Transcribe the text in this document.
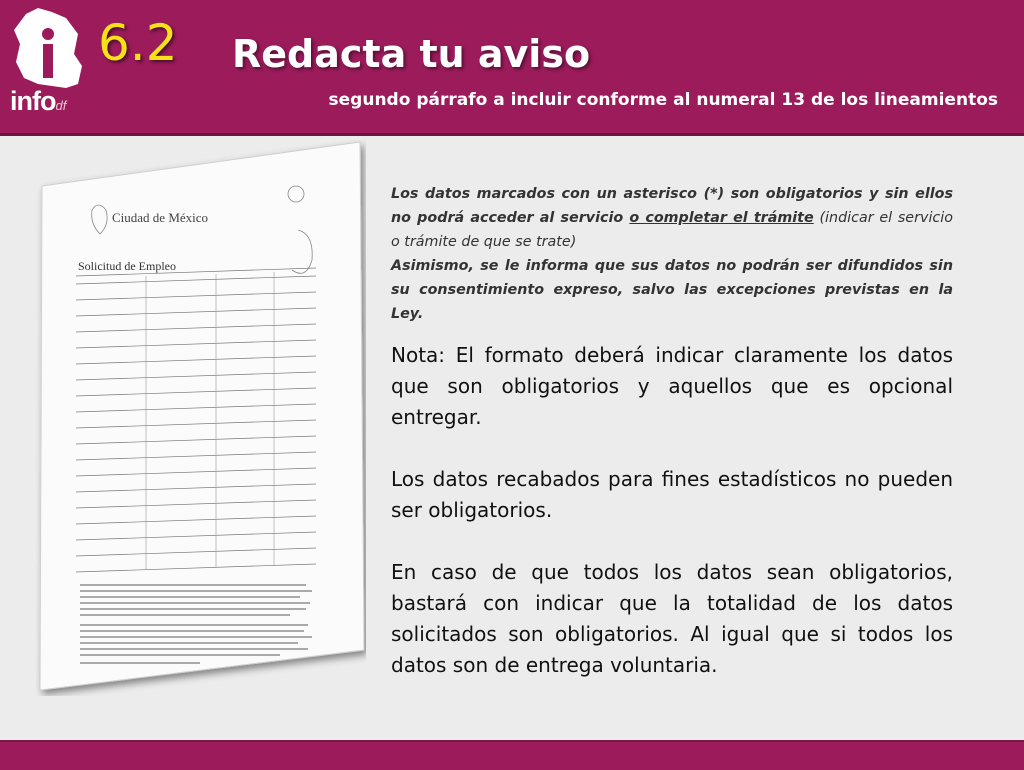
infodf
6.2 Redacta tu aviso
segundo párrafo a incluir conforme al numeral 13 de los lineamientos
Ciudad de México
Solicitud de Empleo
Los datos marcados con un asterisco (*) son obligatorios y sin ellos no podrá acceder al servicio o completar el trámite (indicar el servicio o trámite de que se trate)
Asimismo, se le informa que sus datos no podrán ser difundidos sin su consentimiento expreso, salvo las excepciones previstas en la Ley.

Nota: El formato deberá indicar claramente los datos que son obligatorios y aquellos que es opcional entregar.

Los datos recabados para fines estadísticos no pueden ser obligatorios.

En caso de que todos los datos sean obligatorios, bastará con indicar que la totalidad de los datos solicitados son obligatorios. Al igual que si todos los datos son de entrega voluntaria.
